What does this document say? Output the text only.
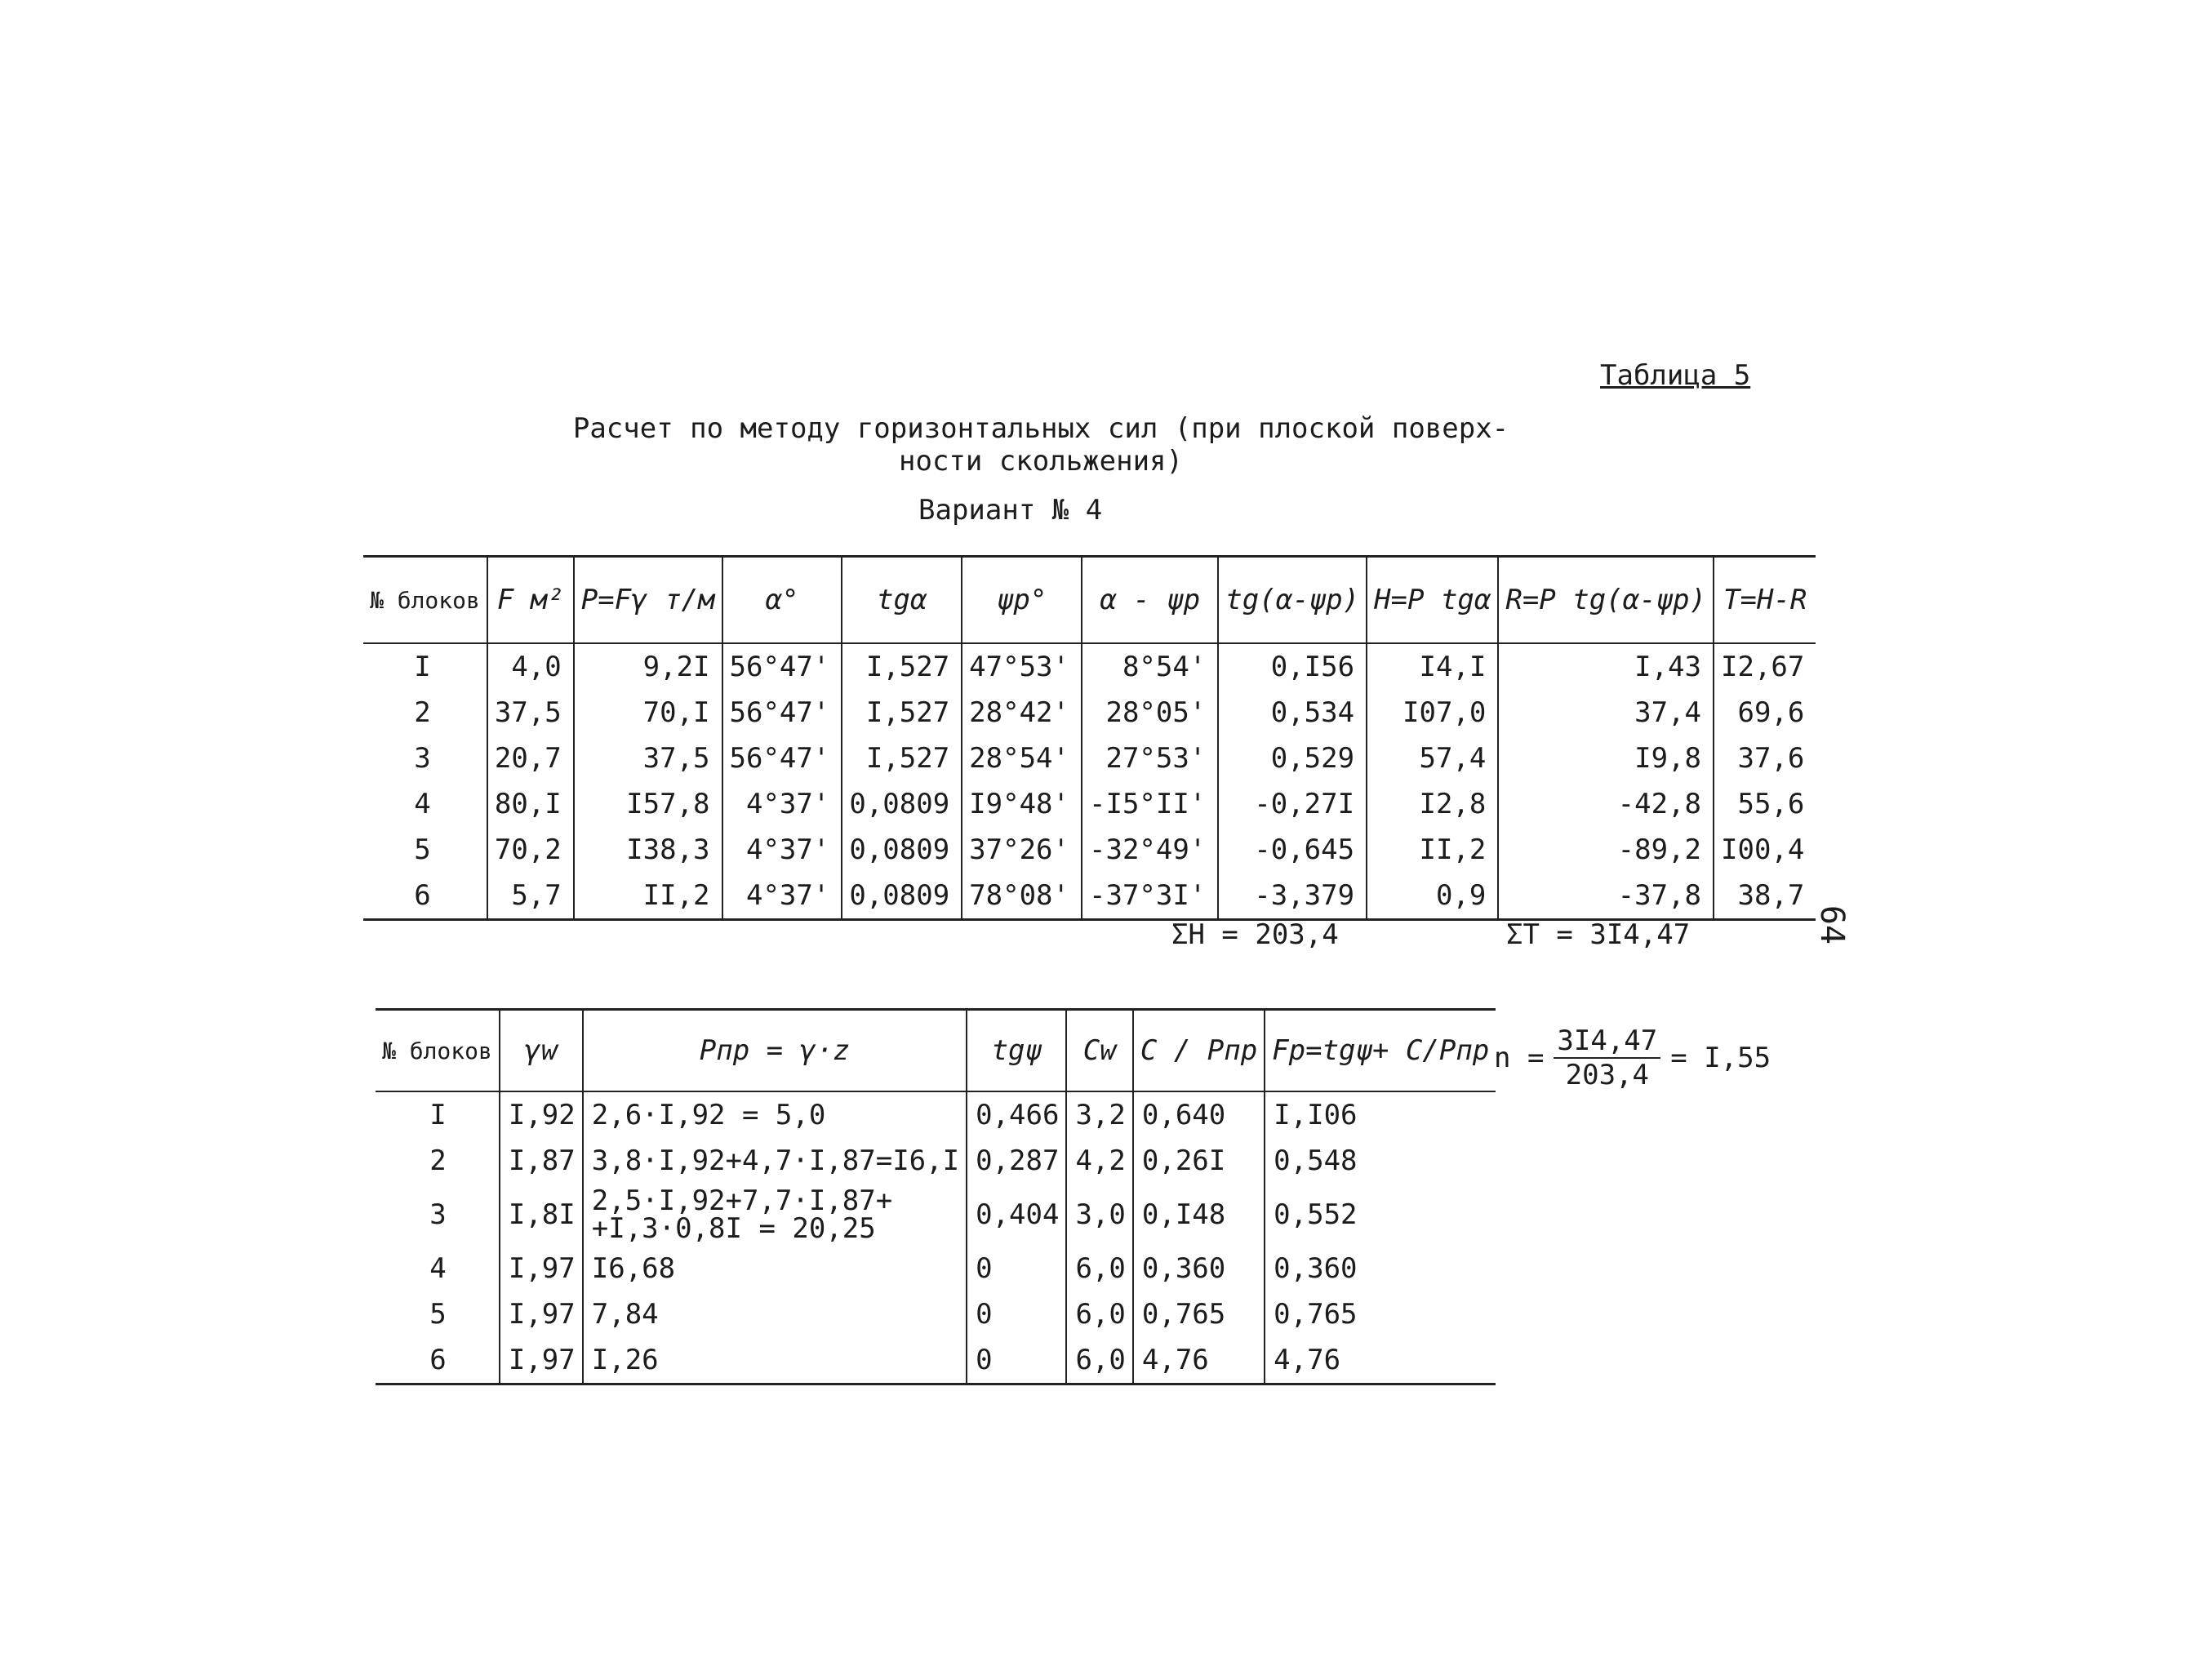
Таблица 5
Расчет по методу горизонтальных сил (при плоской поверх-
ности скольжения)
Вариант № 4
64
№ блоков	F м²	P=Fγ т/м	α°	tgα	ψp°	α - ψp	tg(α-ψp)	H=P tgα	R=P tg(α-ψp)	T=H-R
I	4,0	9,2I	56°47'	I,527	47°53'	8°54'	0,I56	I4,I	I,43	I2,67
2	37,5	70,I	56°47'	I,527	28°42'	28°05'	0,534	I07,0	37,4	69,6
3	20,7	37,5	56°47'	I,527	28°54'	27°53'	0,529	57,4	I9,8	37,6
4	80,I	I57,8	4°37'	0,0809	I9°48'	-I5°II'	-0,27I	I2,8	-42,8	55,6
5	70,2	I38,3	4°37'	0,0809	37°26'	-32°49'	-0,645	II,2	-89,2	I00,4
6	5,7	II,2	4°37'	0,0809	78°08'	-37°3I'	-3,379	0,9	-37,8	38,7
ΣH = 203,4	ΣT = 3I4,47
№ блоков	γw	Pпр = γ·z	tgψ	Cw	C / Pпр	Fp=tgψ+ C/Pпр
I	I,92	2,6·I,92 = 5,0	0,466	3,2	0,640	I,I06
2	I,87	3,8·I,92+4,7·I,87=I6,I	0,287	4,2	0,26I	0,548
3	I,8I	2,5·I,92+7,7·I,87+
+I,3·0,8I = 20,25	0,404	3,0	0,I48	0,552
4	I,97	I6,68	0	6,0	0,360	0,360
5	I,97	7,84	0	6,0	0,765	0,765
6	I,97	I,26	0	6,0	4,76	4,76
$n = \frac{3I4,47}{203,4} = I,55$
